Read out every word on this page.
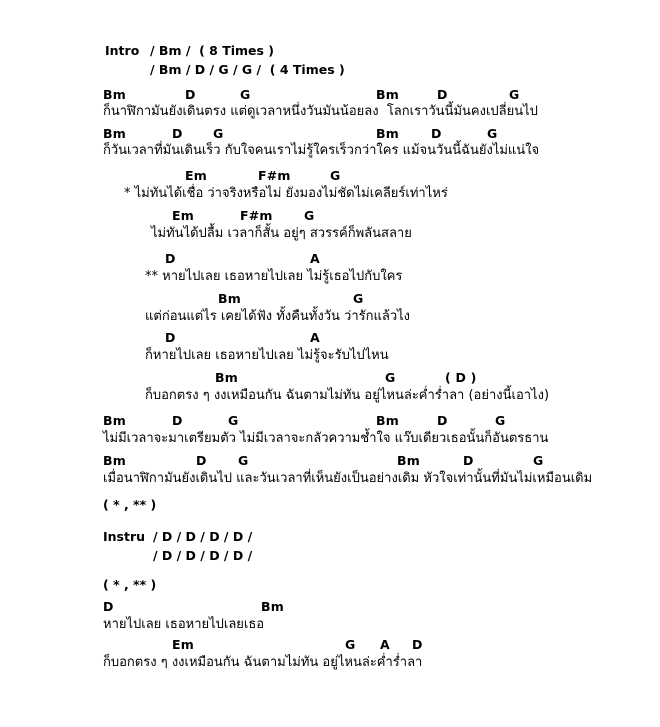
Intro / Bm /  ( 8 Times )
/ Bm / D / G / G /  ( 4 Times )
Bm	D	G	Bm	D	G
ก็นาฬิกามันยังเดินตรง แต่ดูเวลาหนึ่งวันมันน้อยลง  โลกเราวันนี้มันคงเปลี่ยนไป
Bm	D G	Bm	D	G
ก็วันเวลาที่มันเดินเร็ว กับใจคนเราไม่รู้ใครเร็วกว่าใคร แม้จนวันนี้ฉันยังไม่แน่ใจ
Em	F#m	G
* ไม่ทันได้เชื่อ ว่าจริงหรือไม่ ยังมองไม่ชัดไม่เคลียร์เท่าไหร่
Em	F#m	G
ไม่ทันได้ปลื้ม เวลาก็สั้น อยู่ๆ สวรรค์ก็พลันสลาย
D	A
** หายไปเลย เธอหายไปเลย ไม่รู้เธอไปกับใคร
Bm	G
แต่ก่อนแต่ไร เคยได้ฟัง ทั้งคืนทั้งวัน ว่ารักแล้วไง
D	A
ก็หายไปเลย เธอหายไปเลย ไม่รู้จะรับไปไหน
Bm	G	( D )
ก็บอกตรง ๆ งงเหมือนกัน ฉันตามไม่ทัน อยู่ไหนล่ะค่ำร่ำลา (อย่างนี้เอาไง)
Bm	D	G	Bm	D	G
ไม่มีเวลาจะมาเตรียมตัว ไม่มีเวลาจะกลัวความช้ำใจ แว๊บเดียวเธอนั้นก็อันตรธาน
Bm	D	G	Bm	D	G
เมื่อนาฬิกามันยังเดินไป และวันเวลาที่เห็นยังเป็นอย่างเดิม หัวใจเท่านั้นที่มันไม่เหมือนเดิม
( * , ** )
Instru / D / D / D / D /
/ D / D / D / D /
( * , ** )
D	Bm
หายไปเลย เธอหายไปเลยเธอ
Em	G A D
ก็บอกตรง ๆ งงเหมือนกัน ฉันตามไม่ทัน อยู่ไหนล่ะค่ำร่ำลา
